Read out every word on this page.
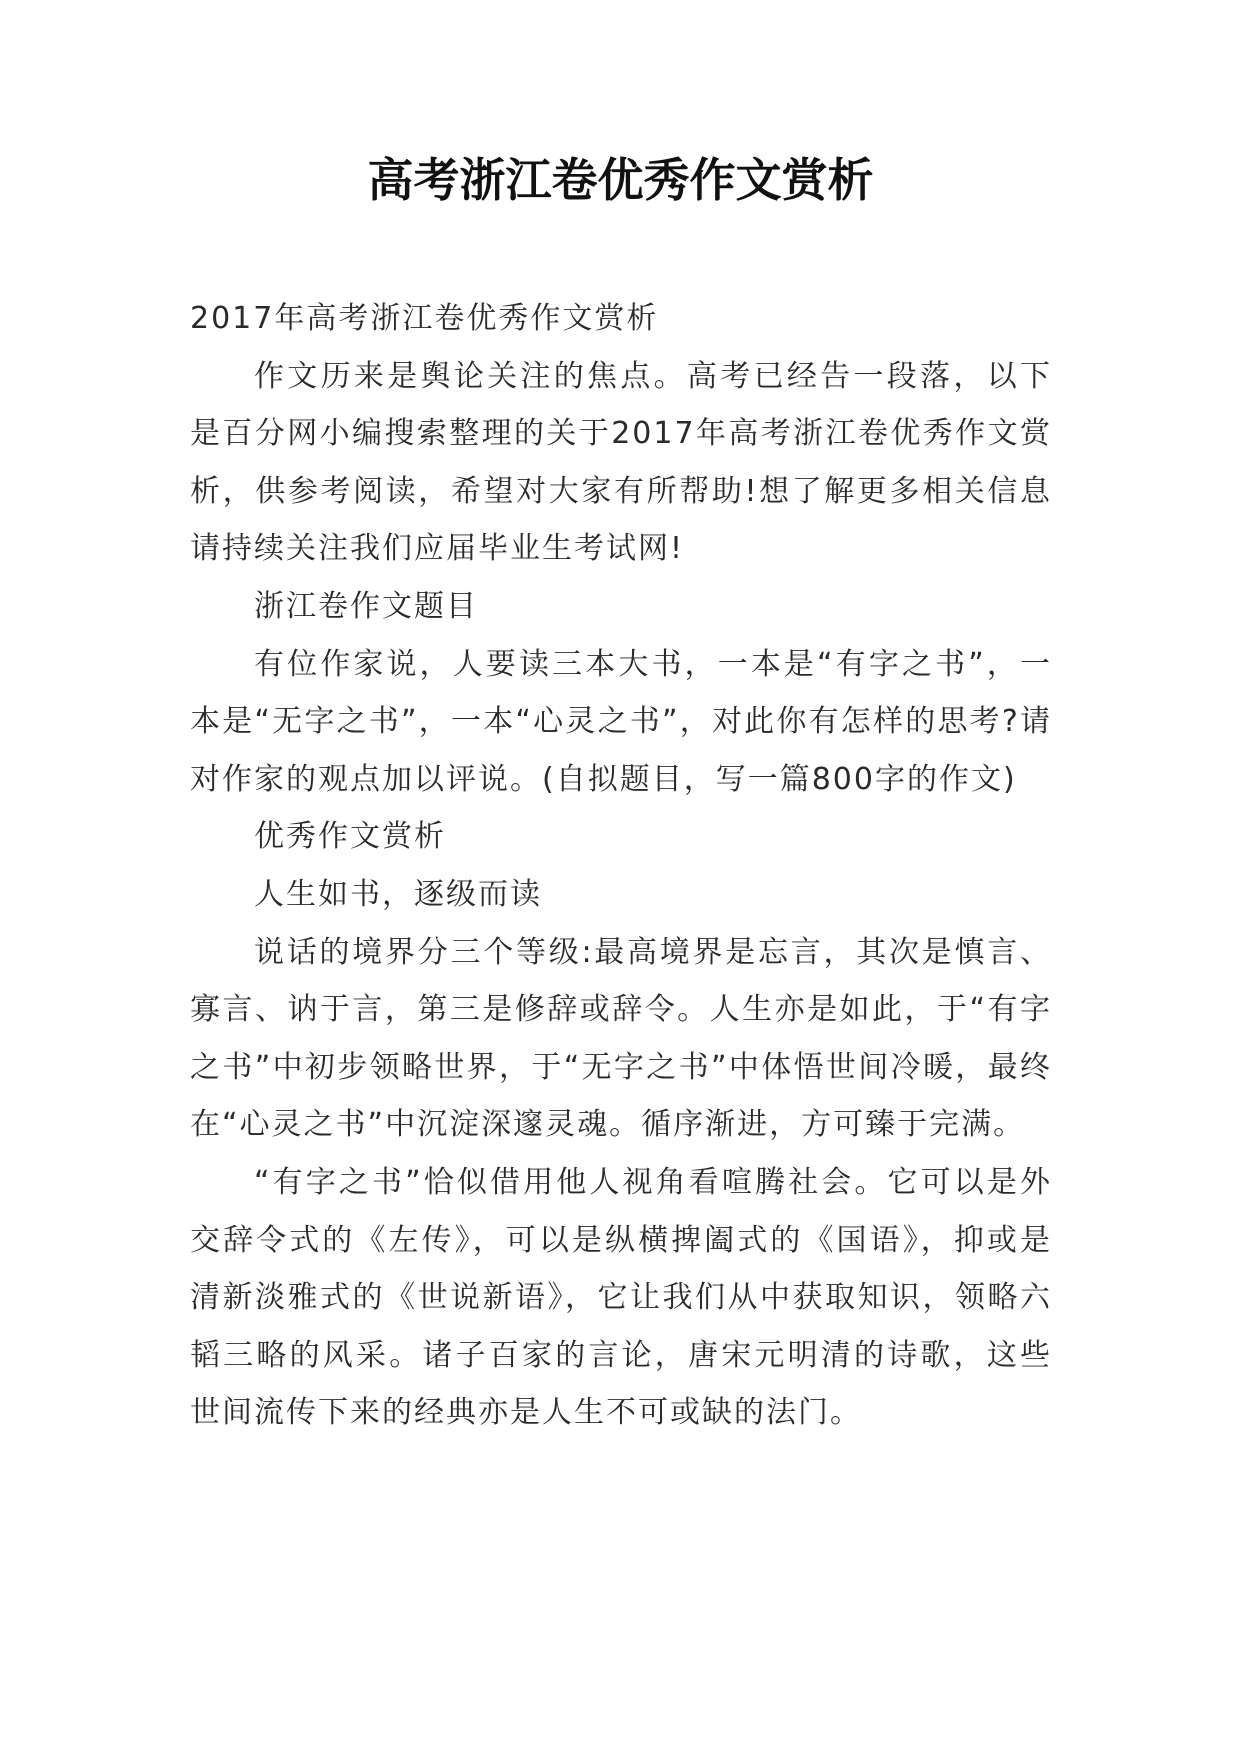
高考浙江卷优秀作文赏析

2017年高考浙江卷优秀作文赏析

作文历来是舆论关注的焦点。高考已经告一段落，以下是百分网小编搜索整理的关于2017年高考浙江卷优秀作文赏析，供参考阅读，希望对大家有所帮助!想了解更多相关信息请持续关注我们应届毕业生考试网!

浙江卷作文题目

有位作家说，人要读三本大书，一本是“有字之书”，一本是“无字之书”，一本“心灵之书”，对此你有怎样的思考?请对作家的观点加以评说。(自拟题目，写一篇800字的作文)

优秀作文赏析

人生如书，逐级而读

说话的境界分三个等级:最高境界是忘言，其次是慎言、寡言、讷于言，第三是修辞或辞令。人生亦是如此，于“有字之书”中初步领略世界，于“无字之书”中体悟世间冷暖，最终在“心灵之书”中沉淀深邃灵魂。循序渐进，方可臻于完满。

“有字之书”恰似借用他人视角看喧腾社会。它可以是外交辞令式的《左传》，可以是纵横捭阖式的《国语》，抑或是清新淡雅式的《世说新语》，它让我们从中获取知识，领略六韬三略的风采。诸子百家的言论，唐宋元明清的诗歌，这些世间流传下来的经典亦是人生不可或缺的法门。
